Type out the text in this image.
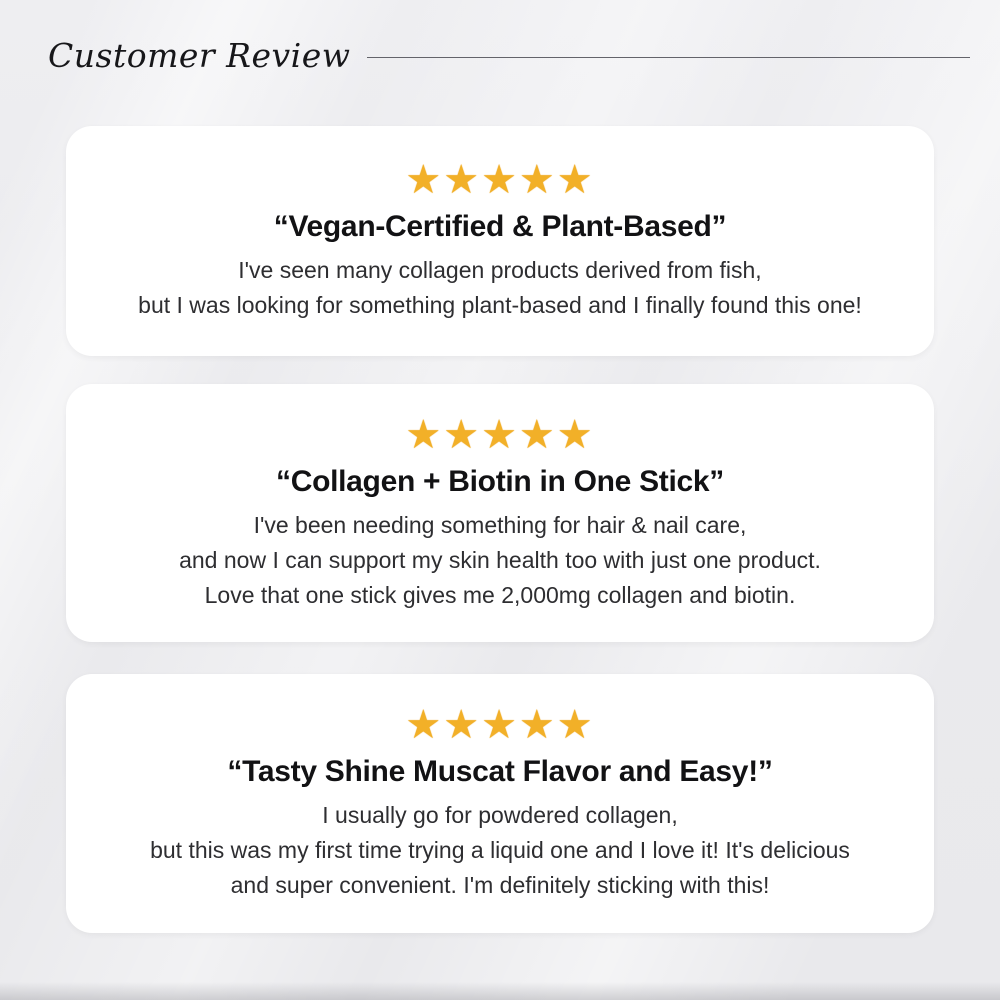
Customer Review
★★★★★
“Vegan-Certified & Plant-Based”
I've seen many collagen products derived from fish,
but I was looking for something plant-based and I finally found this one!
★★★★★
“Collagen + Biotin in One Stick”
I've been needing something for hair & nail care,
and now I can support my skin health too with just one product.
Love that one stick gives me 2,000mg collagen and biotin.
★★★★★
“Tasty Shine Muscat Flavor and Easy!”
I usually go for powdered collagen,
but this was my first time trying a liquid one and I love it! It's delicious
and super convenient. I'm definitely sticking with this!
